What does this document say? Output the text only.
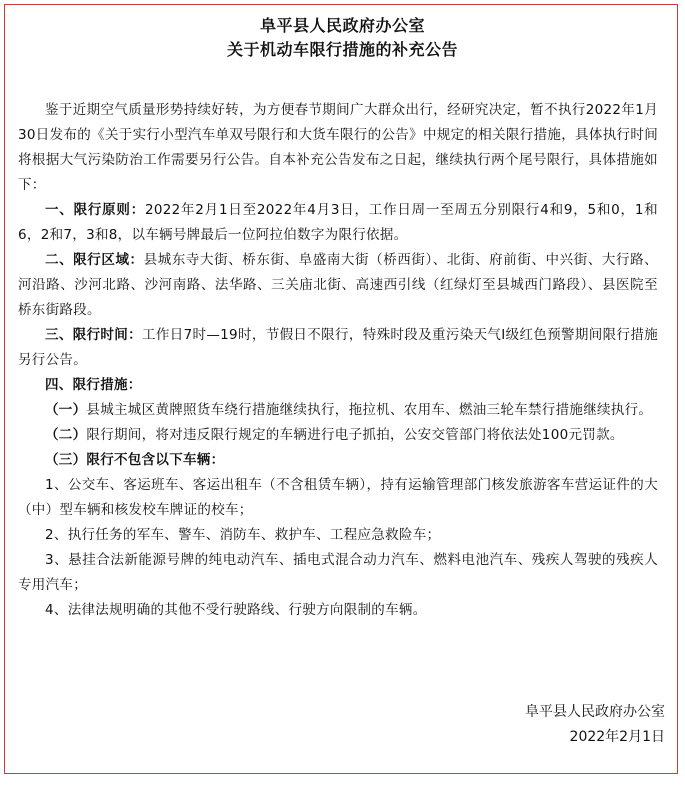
阜平县人民政府办公室
关于机动车限行措施的补充公告

鉴于近期空气质量形势持续好转，为方便春节期间广大群众出行，经研究决定，暂不执行2022年1月30日发布的《关于实行小型汽车单双号限行和大货车限行的公告》中规定的相关限行措施，具体执行时间将根据大气污染防治工作需要另行公告。自本补充公告发布之日起，继续执行两个尾号限行，具体措施如下：

一、限行原则：2022年2月1日至2022年4月3日，工作日周一至周五分别限行4和9，5和0，1和6，2和7，3和8，以车辆号牌最后一位阿拉伯数字为限行依据。

二、限行区域：县城东寺大街、桥东街、阜盛南大街（桥西街）、北街、府前街、中兴街、大行路、河沿路、沙河北路、沙河南路、法华路、三关庙北街、高速西引线（红绿灯至县城西门路段）、县医院至桥东街路段。

三、限行时间：工作日7时—19时，节假日不限行，特殊时段及重污染天气I级红色预警期间限行措施另行公告。

四、限行措施：

（一）县城主城区黄牌照货车绕行措施继续执行，拖拉机、农用车、燃油三轮车禁行措施继续执行。

（二）限行期间，将对违反限行规定的车辆进行电子抓拍，公安交管部门将依法处100元罚款。

（三）限行不包含以下车辆：

1、公交车、客运班车、客运出租车（不含租赁车辆），持有运输管理部门核发旅游客车营运证件的大（中）型车辆和核发校车牌证的校车；

2、执行任务的军车、警车、消防车、救护车、工程应急救险车；

3、悬挂合法新能源号牌的纯电动汽车、插电式混合动力汽车、燃料电池汽车、残疾人驾驶的残疾人专用汽车；

4、法律法规明确的其他不受行驶路线、行驶方向限制的车辆。

阜平县人民政府办公室
2022年2月1日
